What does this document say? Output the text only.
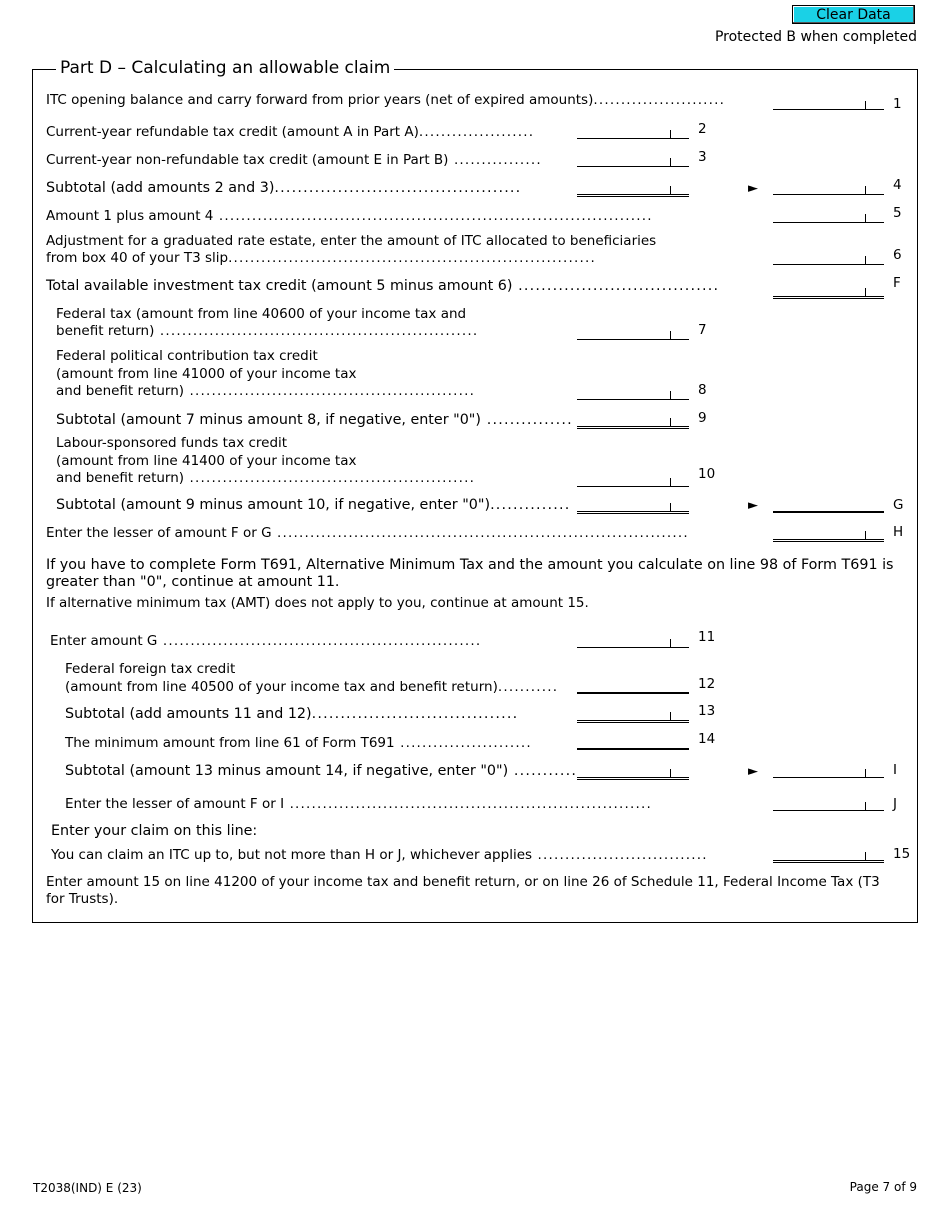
Clear Data
Protected B when completed
Part D – Calculating an allowable claim
ITC opening balance and carry forward from prior years (net of expired amounts)........................	1
Current-year refundable tax credit (amount A in Part A).....................	2
Current-year non-refundable tax credit (amount E in Part B) ................	3
Subtotal (add amounts 2 and 3)...........................................	►	4
Amount 1 plus amount 4 ...............................................................................	5
Adjustment for a graduated rate estate, enter the amount of ITC allocated to beneficiaries
from box 40 of your T3 slip...................................................................	6
Total available investment tax credit (amount 5 minus amount 6) ...................................	F
Federal tax (amount from line 40600 of your income tax and
benefit return) ..........................................................	7
Federal political contribution tax credit
(amount from line 41000 of your income tax
and benefit return) ....................................................	8
Subtotal (amount 7 minus amount 8, if negative, enter "0") ...............	9
Labour-sponsored funds tax credit
(amount from line 41400 of your income tax
and benefit return) ....................................................	10
Subtotal (amount 9 minus amount 10, if negative, enter "0")..............	►	G
Enter the lesser of amount F or G ...........................................................................	H
If you have to complete Form T691, Alternative Minimum Tax and the amount you calculate on line 98 of Form T691 is
greater than "0", continue at amount 11.
If alternative minimum tax (AMT) does not apply to you, continue at amount 15.
Enter amount G ..........................................................	11
Federal foreign tax credit
(amount from line 40500 of your income tax and benefit return)...........	12
Subtotal (add amounts 11 and 12)....................................	13
The minimum amount from line 61 of Form T691 ........................	14
Subtotal (amount 13 minus amount 14, if negative, enter "0") ...........	►	I
Enter the lesser of amount F or I ..................................................................	J
Enter your claim on this line:
You can claim an ITC up to, but not more than H or J, whichever applies ...............................	15
Enter amount 15 on line 41200 of your income tax and benefit return, or on line 26 of Schedule 11, Federal Income Tax (T3
for Trusts).
T2038(IND) E (23)	Page 7 of 9
